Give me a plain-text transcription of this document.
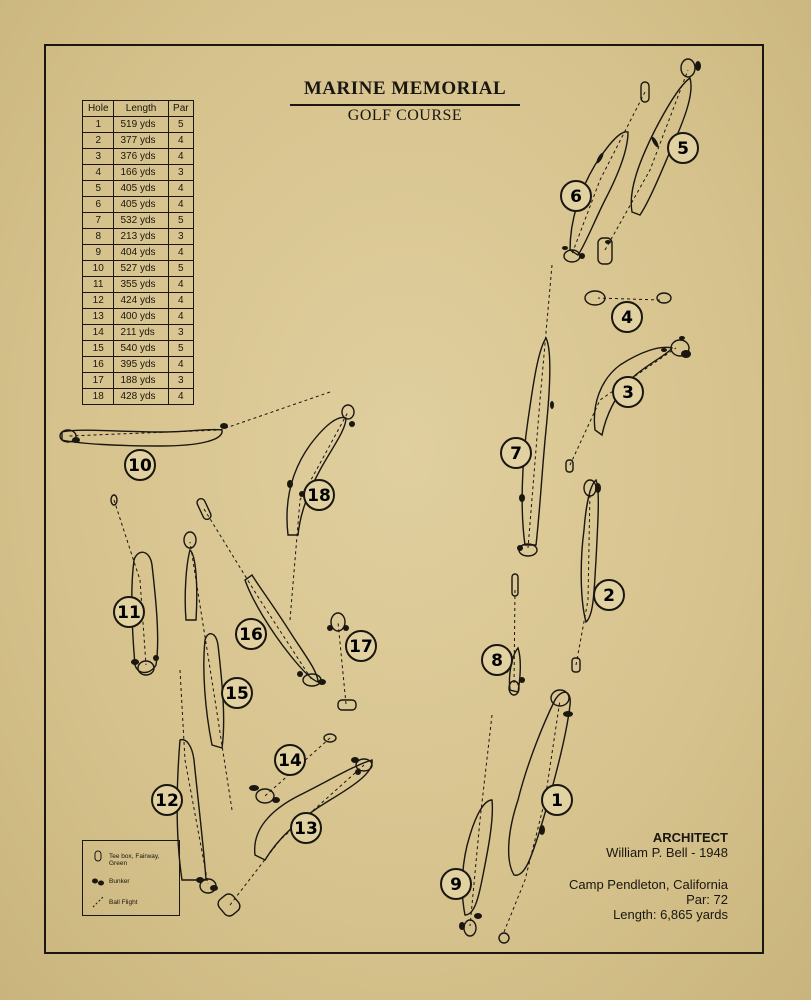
MARINE MEMORIAL
GOLF COURSE
Hole	Length	Par
1	519 yds	5
2	377 yds	4
3	376 yds	4
4	166 yds	3
5	405 yds	4
6	405 yds	4
7	532 yds	5
8	213 yds	3
9	404 yds	4
10	527 yds	5
11	355 yds	4
12	424 yds	4
13	400 yds	4
14	211 yds	3
15	540 yds	5
16	395 yds	4
17	188 yds	3
18	428 yds	4
1
2
3
4
5
6
7
8
9
10
11
12
13
14
15
16
17
18
Tee box, Fairway, Green
Bunker
Ball Flight
ARCHITECT
William P. Bell - 1948
Camp Pendleton, California
Par: 72
Length: 6,865 yards
